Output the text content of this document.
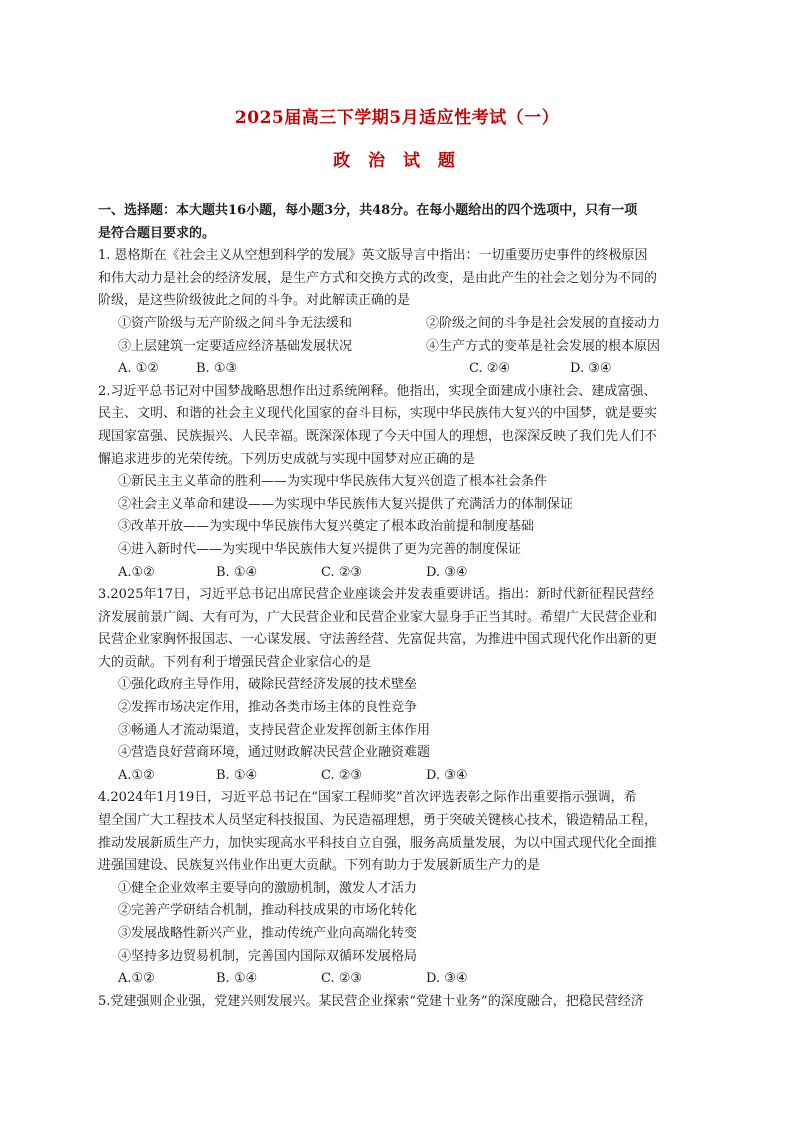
2025届高三下学期5月适应性考试（一）
政 治 试 题
一、选择题：本大题共16小题，每小题3分，共48分。在每小题给出的四个选项中，只有一项
是符合题目要求的。
1. 恩格斯在《社会主义从空想到科学的发展》英文版导言中指出：一切重要历史事件的终极原因
和伟大动力是社会的经济发展，是生产方式和交换方式的改变，是由此产生的社会之划分为不同的
阶级，是这些阶级彼此之间的斗争。对此解读正确的是
①资产阶级与无产阶级之间斗争无法缓和	②阶级之间的斗争是社会发展的直接动力
③上层建筑一定要适应经济基础发展状况	④生产方式的变革是社会发展的根本原因
A. ①②	B. ①③	C. ②④	D. ③④
2.习近平总书记对中国梦战略思想作出过系统阐释。他指出，实现全面建成小康社会、建成富强、
民主、文明、和谐的社会主义现代化国家的奋斗目标，实现中华民族伟大复兴的中国梦，就是要实
现国家富强、民族振兴、人民幸福。既深深体现了今天中国人的理想，也深深反映了我们先人们不
懈追求进步的光荣传统。下列历史成就与实现中国梦对应正确的是
①新民主主义革命的胜利——为实现中华民族伟大复兴创造了根本社会条件
②社会主义革命和建设——为实现中华民族伟大复兴提供了充满活力的体制保证
③改革开放——为实现中华民族伟大复兴奠定了根本政治前提和制度基础
④进入新时代——为实现中华民族伟大复兴提供了更为完善的制度保证
A.①②	B. ①④	C. ②③	D. ③④
3.2025年17日，习近平总书记出席民营企业座谈会并发表重要讲话。指出：新时代新征程民营经
济发展前景广阔、大有可为，广大民营企业和民营企业家大显身手正当其时。希望广大民营企业和
民营企业家胸怀报国志、一心谋发展、守法善经营、先富促共富，为推进中国式现代化作出新的更
大的贡献。下列有利于增强民营企业家信心的是
①强化政府主导作用，破除民营经济发展的技术壁垒
②发挥市场决定作用，推动各类市场主体的良性竞争
③畅通人才流动渠道，支持民营企业发挥创新主体作用
④营造良好营商环境，通过财政解决民营企业融资难题
A.①②	B. ①④	C. ②③	D. ③④
4.2024年1月19日，习近平总书记在“国家工程师奖”首次评选表彰之际作出重要指示强调，希
望全国广大工程技术人员坚定科技报国、为民造福理想，勇于突破关键核心技术，锻造精品工程，
推动发展新质生产力，加快实现高水平科技自立自强，服务高质量发展，为以中国式现代化全面推
进强国建设、民族复兴伟业作出更大贡献。下列有助力于发展新质生产力的是
①健全企业效率主要导向的激励机制，激发人才活力
②完善产学研结合机制，推动科技成果的市场化转化
③发展战略性新兴产业，推动传统产业向高端化转变
④坚持多边贸易机制，完善国内国际双循环发展格局
A.①②	B. ①④	C. ②③	D. ③④
5.党建强则企业强，党建兴则发展兴。某民营企业探索“党建十业务”的深度融合，把稳民营经济
